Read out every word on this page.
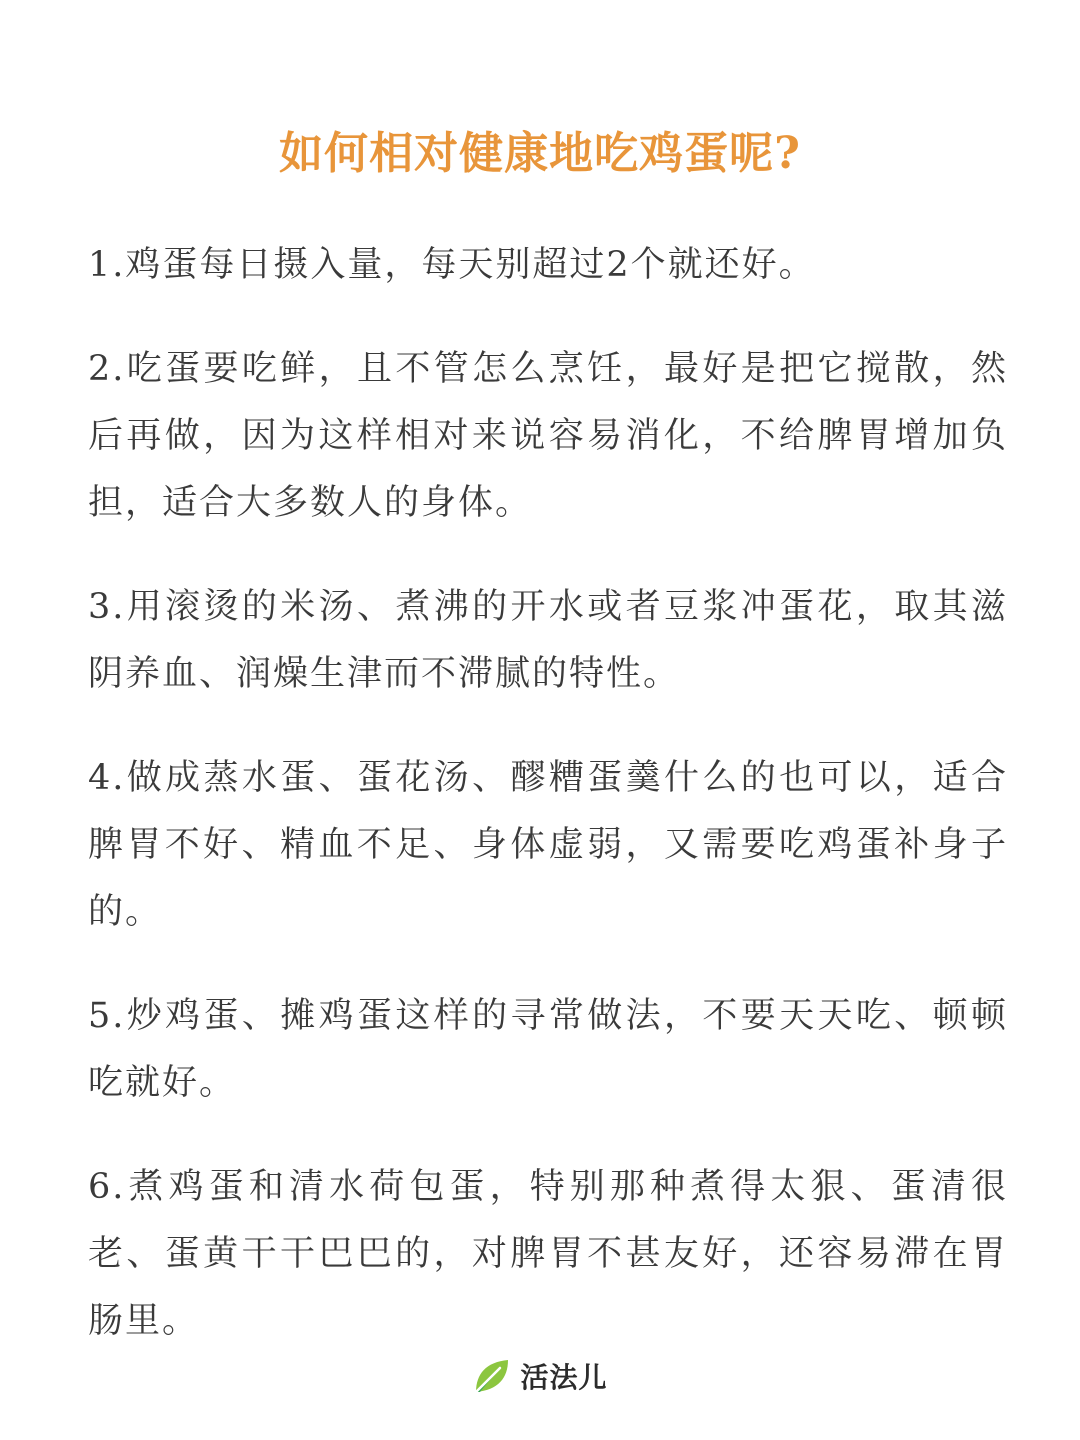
如何相对健康地吃鸡蛋呢?

1.鸡蛋每日摄入量，每天别超过2个就还好。

2.吃蛋要吃鲜，且不管怎么烹饪，最好是把它搅散，然后再做，因为这样相对来说容易消化，不给脾胃增加负担，适合大多数人的身体。

3.用滚烫的米汤、煮沸的开水或者豆浆冲蛋花，取其滋阴养血、润燥生津而不滞腻的特性。

4.做成蒸水蛋、蛋花汤、醪糟蛋羹什么的也可以，适合脾胃不好、精血不足、身体虚弱，又需要吃鸡蛋补身子的。

5.炒鸡蛋、摊鸡蛋这样的寻常做法，不要天天吃、顿顿吃就好。

6.煮鸡蛋和清水荷包蛋，特别那种煮得太狠、蛋清很老、蛋黄干干巴巴的，对脾胃不甚友好，还容易滞在胃肠里。

活法儿
